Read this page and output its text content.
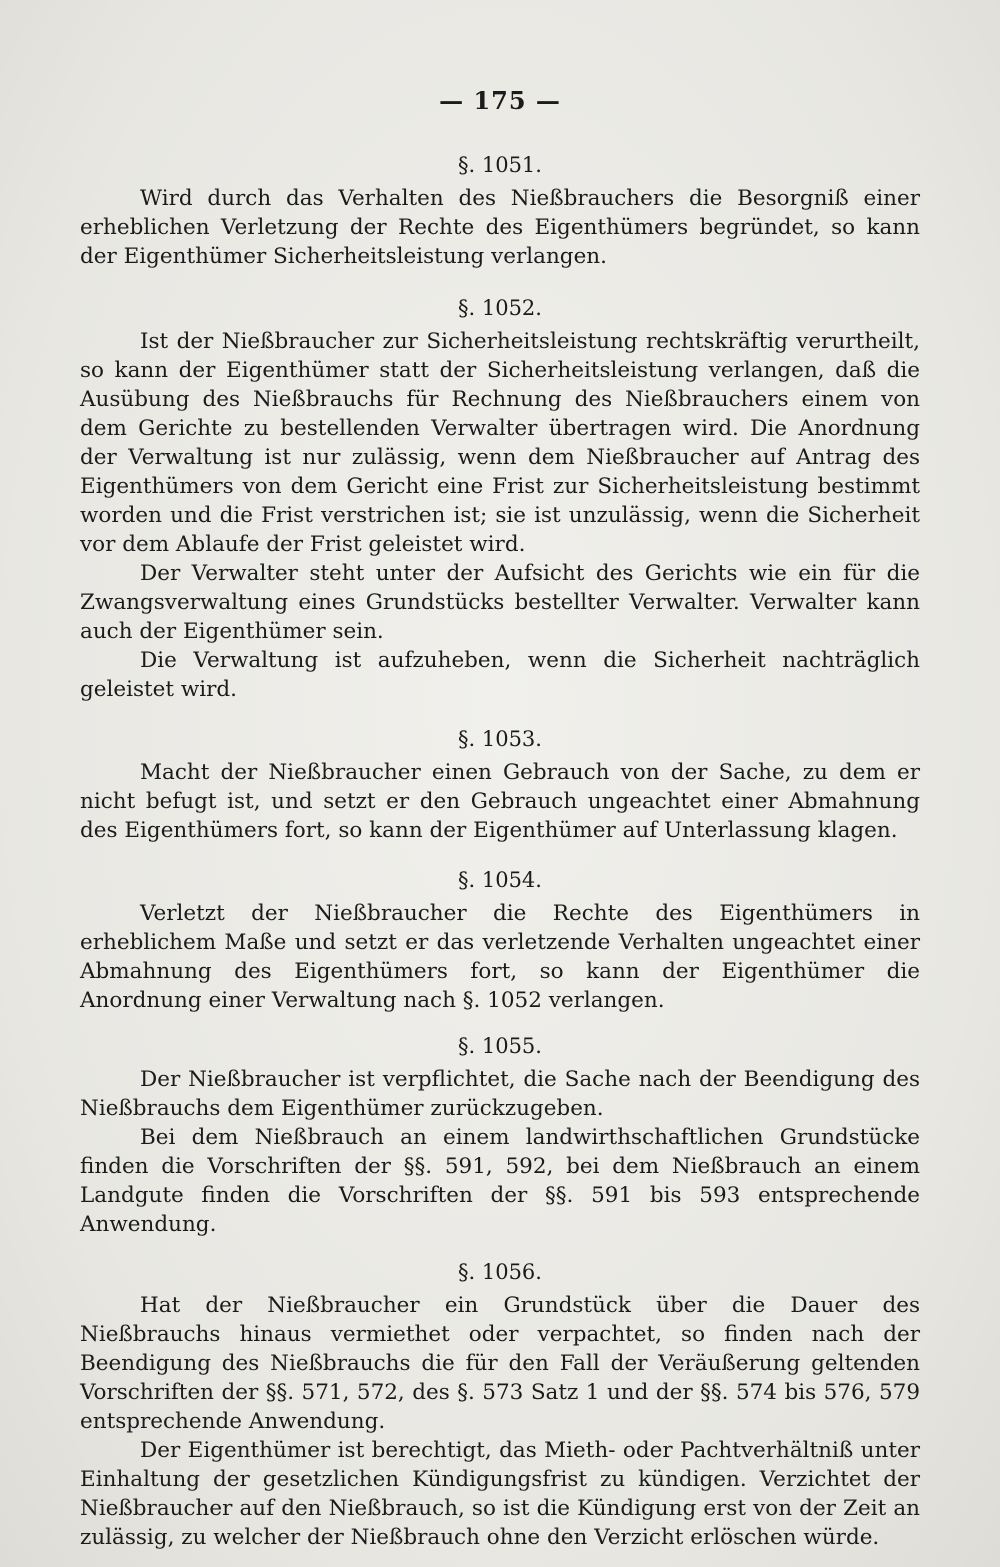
— 175 —
§. 1051.

Wird durch das Verhalten des Nießbrauchers die Besorgniß einer erheblichen Verletzung der Rechte des Eigenthümers begründet, so kann der Eigenthümer Sicherheitsleistung verlangen.

§. 1052.

Ist der Nießbraucher zur Sicherheitsleistung rechtskräftig verurtheilt, so kann der Eigenthümer statt der Sicherheitsleistung verlangen, daß die Ausübung des Nießbrauchs für Rechnung des Nießbrauchers einem von dem Gerichte zu bestellenden Verwalter übertragen wird. Die Anordnung der Verwaltung ist nur zulässig, wenn dem Nießbraucher auf Antrag des Eigenthümers von dem Gericht eine Frist zur Sicherheitsleistung bestimmt worden und die Frist verstrichen ist; sie ist unzulässig, wenn die Sicherheit vor dem Ablaufe der Frist geleistet wird.

Der Verwalter steht unter der Aufsicht des Gerichts wie ein für die Zwangsverwaltung eines Grundstücks bestellter Verwalter. Verwalter kann auch der Eigenthümer sein.

Die Verwaltung ist aufzuheben, wenn die Sicherheit nachträglich geleistet wird.

§. 1053.

Macht der Nießbraucher einen Gebrauch von der Sache, zu dem er nicht befugt ist, und setzt er den Gebrauch ungeachtet einer Abmahnung des Eigenthümers fort, so kann der Eigenthümer auf Unterlassung klagen.

§. 1054.

Verletzt der Nießbraucher die Rechte des Eigenthümers in erheblichem Maße und setzt er das verletzende Verhalten ungeachtet einer Abmahnung des Eigenthümers fort, so kann der Eigenthümer die Anordnung einer Verwaltung nach §. 1052 verlangen.

§. 1055.

Der Nießbraucher ist verpflichtet, die Sache nach der Beendigung des Nießbrauchs dem Eigenthümer zurückzugeben.

Bei dem Nießbrauch an einem landwirthschaftlichen Grundstücke finden die Vorschriften der §§. 591, 592, bei dem Nießbrauch an einem Landgute finden die Vorschriften der §§. 591 bis 593 entsprechende Anwendung.

§. 1056.

Hat der Nießbraucher ein Grundstück über die Dauer des Nießbrauchs hinaus vermiethet oder verpachtet, so finden nach der Beendigung des Nießbrauchs die für den Fall der Veräußerung geltenden Vorschriften der §§. 571, 572, des §. 573 Satz 1 und der §§. 574 bis 576, 579 entsprechende Anwendung.

Der Eigenthümer ist berechtigt, das Mieth- oder Pachtverhältniß unter Einhaltung der gesetzlichen Kündigungsfrist zu kündigen. Verzichtet der Nießbraucher auf den Nießbrauch, so ist die Kündigung erst von der Zeit an zulässig, zu welcher der Nießbrauch ohne den Verzicht erlöschen würde.
